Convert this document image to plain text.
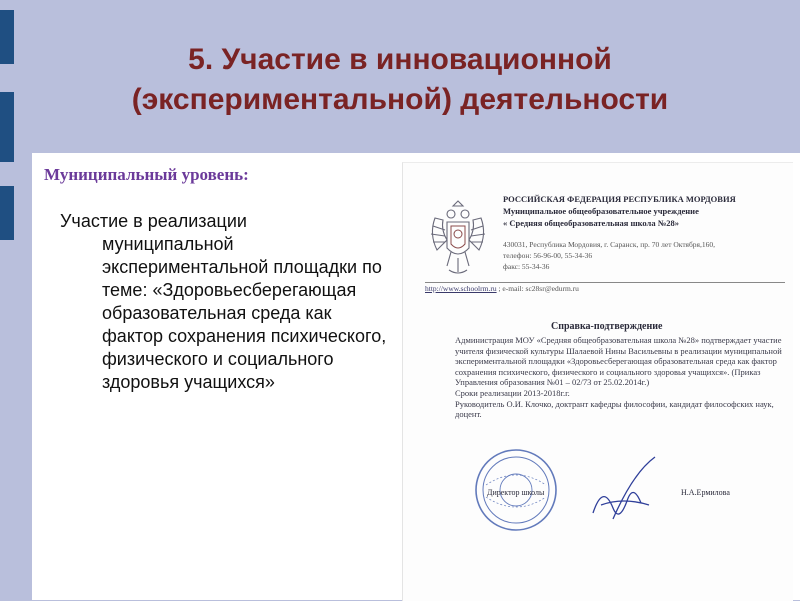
5. Участие в инновационной
(экспериментальной) деятельности
Муниципальный уровень:
Участие в реализации
муниципальной экспериментальной площадки по теме: «Здоровьесберегающая образовательная среда как фактор сохранения психического, физического и социального здоровья учащихся»
РОССИЙСКАЯ ФЕДЕРАЦИЯ РЕСПУБЛИКА МОРДОВИЯ
Муниципальное общеобразовательное учреждение
« Средняя общеобразовательная школа №28»
430031, Республика Мордовия, г. Саранск, пр. 70 лет Октября,160,
телефон: 56-96-00, 55-34-36
факс: 55-34-36
http://www.schoolrm.ru ; e-mail: sc28sr@edurm.ru
Справка-подтверждение

Администрация МОУ «Средняя общеобразовательная школа №28» подтверждает участие учителя физической культуры Шалаевой Нины Васильевны в реализации муниципальной экспериментальной площадки «Здоровьесберегающая образовательная среда как фактор сохранения психического, физического и социального здоровья учащихся». (Приказ Управления образования №01 – 02/73 от 25.02.2014г.)

Сроки реализации 2013-2018г.г.

Руководитель О.И. Клочко, доктрант кафедры философии, кандидат философских наук, доцент.

Директор школы	Н.А.Ермилова
